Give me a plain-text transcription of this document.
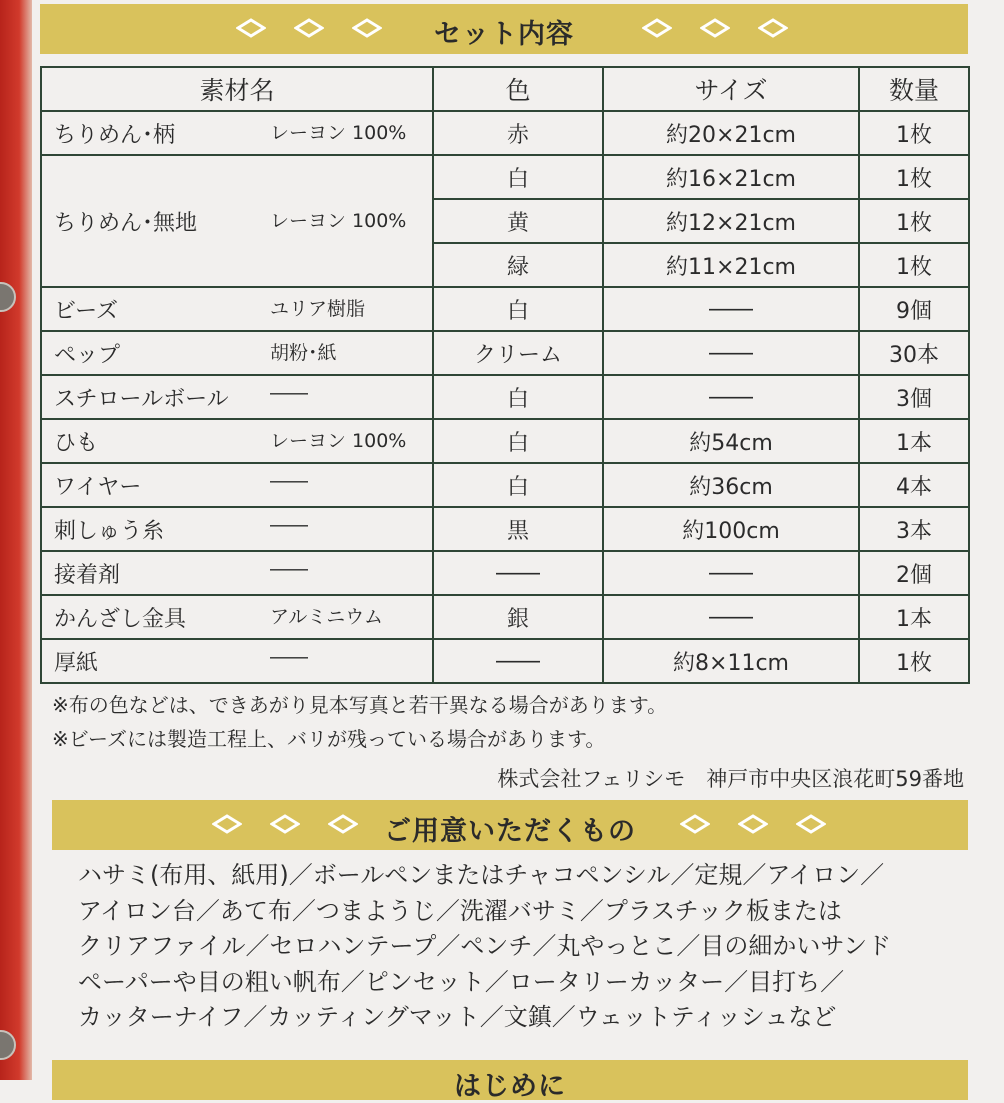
セット内容
素材名	色	サイズ	数量

ちりめん･柄 レーヨン 100%	赤	約20×21cm	1枚

ちりめん･無地 レーヨン 100%	白	約16×21cm	1枚
	黄	約12×21cm	1枚
	緑	約11×21cm	1枚

ビーズ ユリア樹脂	白	――	9個

ペップ 胡粉･紙	クリーム	――	30本

スチロールボール ――	白	――	3個

ひも レーヨン 100%	白	約54cm	1本

ワイヤー ――	白	約36cm	4本

刺しゅう糸 ――	黒	約100cm	3本

接着剤 ――	――	――	2個

かんざし金具 アルミニウム	銀	――	1本

厚紙 ――	――	約8×11cm	1枚
※布の色などは、できあがり見本写真と若干異なる場合があります。
※ビーズには製造工程上、バリが残っている場合があります。
株式会社フェリシモ　神戸市中央区浪花町59番地
ご用意いただくもの
ハサミ(布用、紙用)／ボールペンまたはチャコペンシル／定規／アイロン／
アイロン台／あて布／つまようじ／洗濯バサミ／プラスチック板または
クリアファイル／セロハンテープ／ペンチ／丸やっとこ／目の細かいサンド
ペーパーや目の粗い帆布／ピンセット／ロータリーカッター／目打ち／
カッターナイフ／カッティングマット／文鎮／ウェットティッシュなど
はじめに
